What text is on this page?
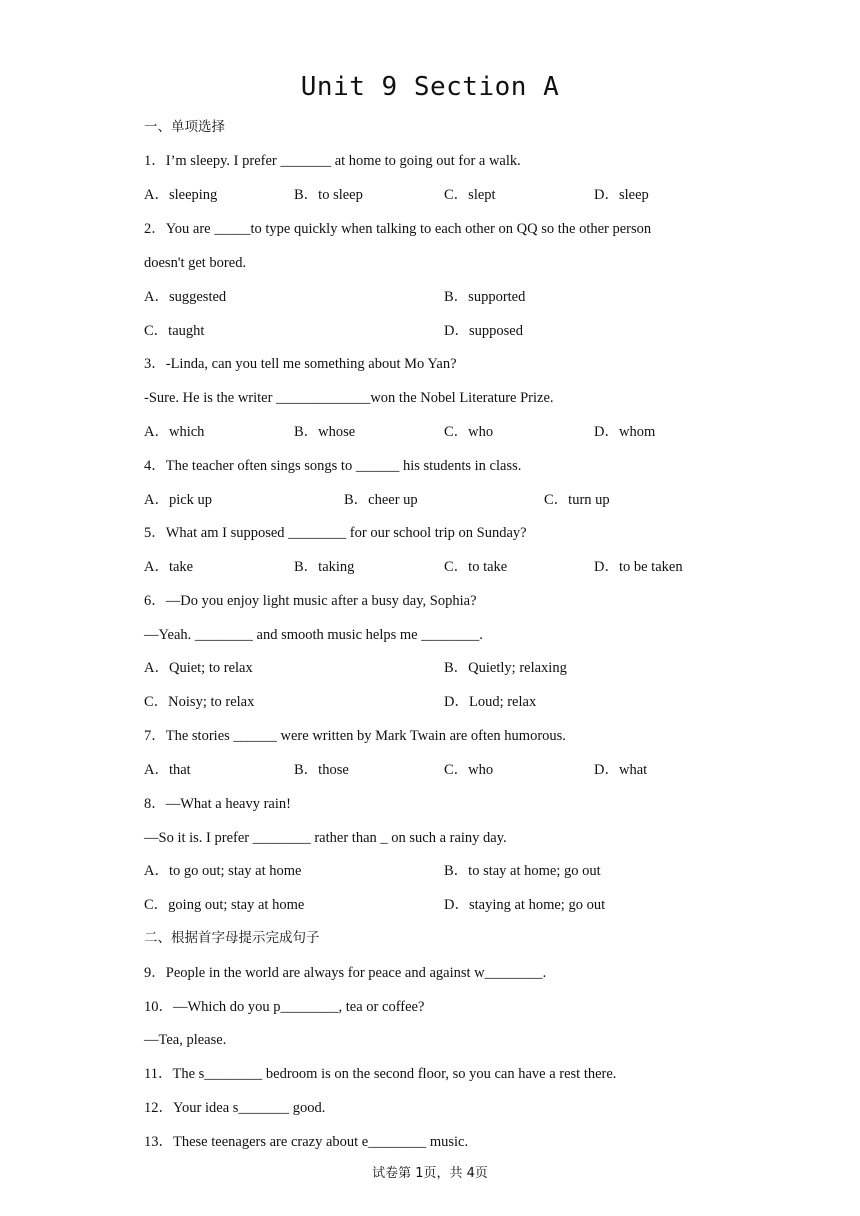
Unit 9 Section A
一、单项选择
1．I’m sleepy. I prefer _______ at home to going out for a walk.
A．sleeping	B．to sleep	C．slept	D．sleep
2．You are _____to type quickly when talking to each other on QQ so the other person
doesn't get bored.
A．suggested	B．supported
C．taught	D．supposed
3．-Linda, can you tell me something about Mo Yan?
-Sure. He is the writer _____________won the Nobel Literature Prize.
A．which	B．whose	C．who	D．whom
4．The teacher often sings songs to ______ his students in class.
A．pick up	B．cheer up	C．turn up
5．What am I supposed ________ for our school trip on Sunday?
A．take	B．taking	C．to take	D．to be taken
6．—Do you enjoy light music after a busy day, Sophia?
—Yeah. ________ and smooth music helps me ________.
A．Quiet; to relax	B．Quietly; relaxing
C．Noisy; to relax	D．Loud; relax
7．The stories ______ were written by Mark Twain are often humorous.
A．that	B．those	C．who	D．what
8．—What a heavy rain!
—So it is. I prefer ________ rather than _ on such a rainy day.
A．to go out; stay at home	B．to stay at home; go out
C．going out; stay at home	D．staying at home; go out
二、根据首字母提示完成句子
9．People in the world are always for peace and against w________.
10．—Which do you p________, tea or coffee?
—Tea, please.
11．The s________ bedroom is on the second floor, so you can have a rest there.
12．Your idea s_______ good.
13．These teenagers are crazy about e________ music.
试卷第 1页，共 4页
